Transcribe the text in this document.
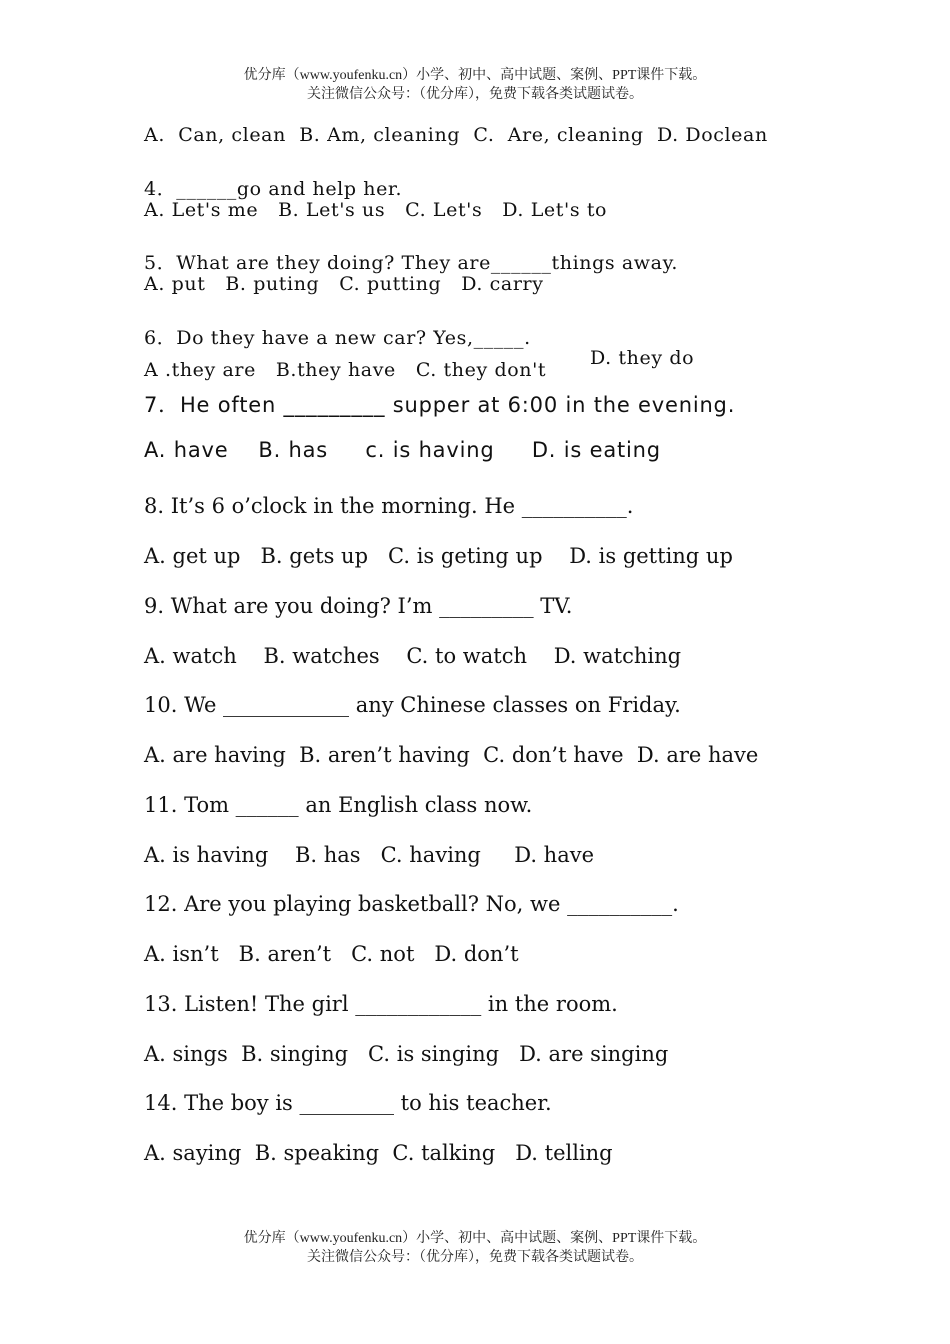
优分库（www.youfenku.cn）小学、初中、高中试题、案例、PPT课件下载。

关注微信公众号：（优分库），免费下载各类试题试卷。

A.  Can, clean  B. Am, cleaning  C.  Are, cleaning  D. Doclean

4．______go and help her.

A. Let's me   B. Let's us   C. Let's   D. Let's to

5．What are they doing? They are______things away.

A. put   B. puting   C. putting   D. carry

6．Do they have a new car? Yes,_____.

A .they are   B.they have   C. they don't

D. they do

7．He often _________ supper at 6:00 in the evening.

A. have    B. has     c. is having     D. is eating

8. It’s 6 o’clock in the morning. He __________.

A. get up   B. gets up   C. is geting up    D. is getting up

9. What are you doing? I’m _________ TV.

A. watch    B. watches    C. to watch    D. watching

10. We ____________ any Chinese classes on Friday.

A. are having  B. aren’t having  C. don’t have  D. are have

11. Tom ______ an English class now.

A. is having    B. has   C. having     D. have

12. Are you playing basketball? No, we __________.

A. isn’t   B. aren’t   C. not   D. don’t

13. Listen! The girl ____________ in the room.

A. sings  B. singing   C. is singing   D. are singing

14. The boy is _________ to his teacher.

A. saying  B. speaking  C. talking   D. telling

优分库（www.youfenku.cn）小学、初中、高中试题、案例、PPT课件下载。

关注微信公众号：（优分库），免费下载各类试题试卷。
